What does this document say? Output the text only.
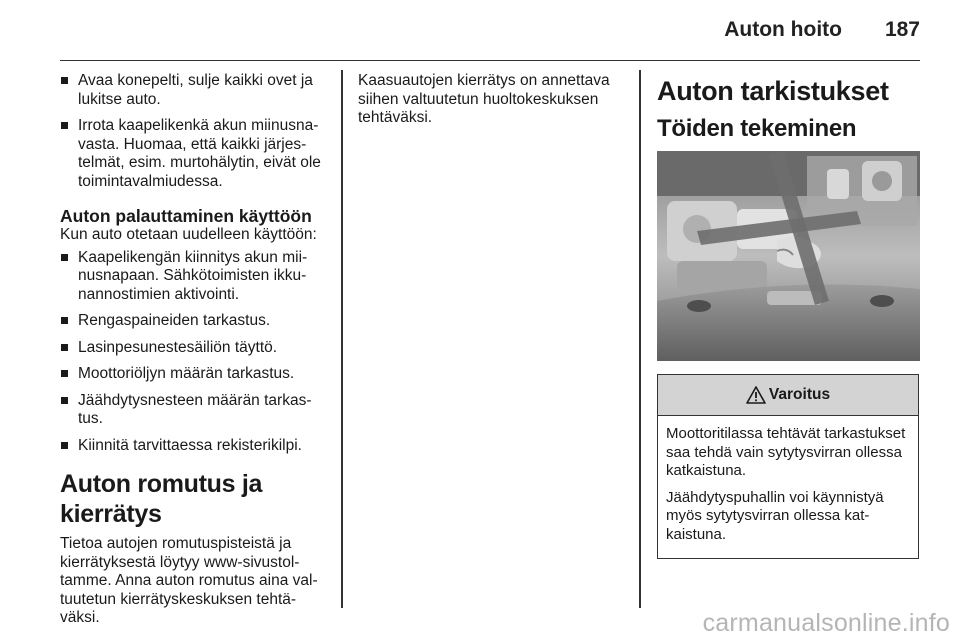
Auton hoito 187
Avaa konepelti, sulje kaikki ovet ja lukitse auto.
Irrota kaapelikenkä akun miinusnavasta. Huomaa, että kaikki järjestelmät, esim. murtohälytin, eivät ole toimintavalmiudessa.
Auton palauttaminen käyttöön

Kun auto otetaan uudelleen käyttöön:

Kaapelikengän kiinnitys akun miinusnapaan. Sähkötoimisten ikkunannostimien aktivointi.
Rengaspaineiden tarkastus.
Lasinpesunestesäiliön täyttö.
Moottoriöljyn määrän tarkastus.
Jäähdytysnesteen määrän tarkastus.
Kiinnitä tarvittaessa rekisterikilpi.
Auton romutus ja kierrätys

Tietoa autojen romutuspisteistä ja kierrätyksestä löytyy www-sivustoltamme. Anna auton romutus aina valtuutetun kierrätyskeskuksen tehtäväksi.

Kaasuautojen kierrätys on annettava siihen valtuutetun huoltokeskuksen tehtäväksi.

Auton tarkistukset
Töiden tekeminen
Varoitus

Moottoritilassa tehtävät tarkastukset saa tehdä vain sytytysvirran ollessa katkaistuna.

Jäähdytyspuhallin voi käynnistyä myös sytytysvirran ollessa katkaistuna.

carmanualsonline.info
